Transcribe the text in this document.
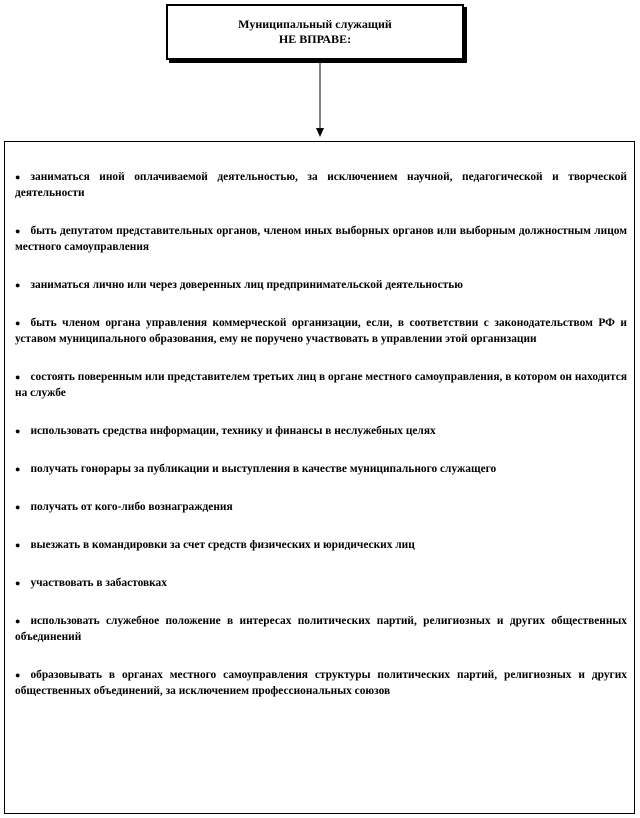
Муниципальный служащий
НЕ ВПРАВЕ:
● заниматься иной оплачиваемой деятельностью, за исключением научной, педагогической и творческой деятельности
● быть депутатом представительных органов, членом иных выборных органов или выборным должностным лицом местного самоуправления
● заниматься лично или через доверенных лиц предпринимательской деятельностью
● быть членом органа управления коммерческой организации, если, в соответствии с законодательством РФ и уставом муниципального образования, ему не поручено участвовать в управлении этой организации
● состоять поверенным или представителем третьих лиц в органе местного самоуправления, в котором он находится на службе
● использовать средства информации, технику и финансы в неслужебных целях
● получать гонорары за публикации и выступления в качестве муниципального служащего
● получать от кого-либо вознаграждения
● выезжать в командировки за счет средств физических и юридических лиц
● участвовать в забастовках
● использовать служебное положение в интересах политических партий, религиозных и других общественных объединений
● образовывать в органах местного самоуправления структуры политических партий, религиозных и других общественных объединений, за исключением профессиональных союзов
